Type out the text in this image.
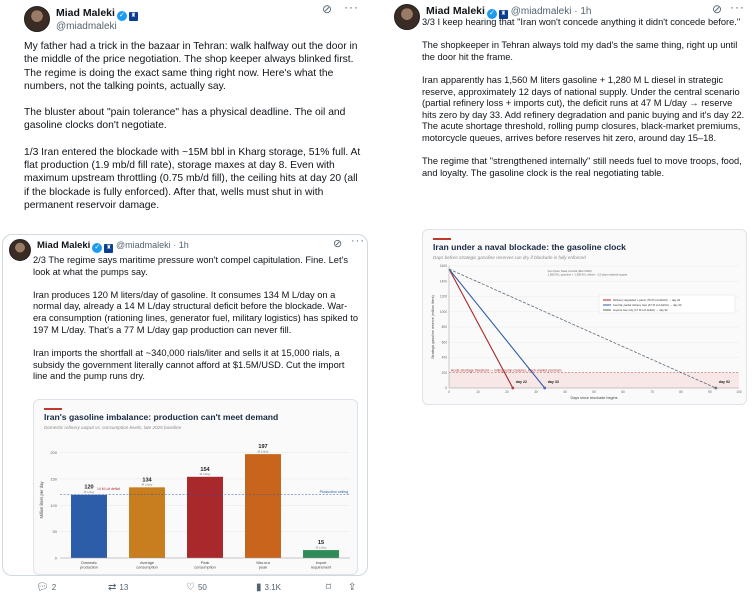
Miad Maleki ✓ ♜
@miadmaleki
⊘ ···

My father had a trick in the bazaar in Tehran: walk halfway out the door in the middle of the price negotiation. The shop keeper always blinked first. The regime is doing the exact same thing right now. Here's what the numbers, not the talking points, actually say.

The bluster about "pain tolerance" has a physical deadline. The oil and gasoline clocks don't negotiate.

1/3 Iran entered the blockade with ~15M bbl in Kharg storage, 51% full. At flat production (1.9 mb/d fill rate), storage maxes at day 8. Even with maximum upstream throttling (0.75 mb/d fill), the ceiling hits at day 20 (all if the blockade is fully enforced). After that, wells must shut in with permanent reservoir damage.

Miad Maleki ✓ ♜ @miadmaleki · 1h	⊘ ···

2/3 The regime says maritime pressure won't compel capitulation. Fine. Let's look at what the pumps say.

Iran produces 120 M liters/day of gasoline. It consumes 134 M L/day on a normal day, already a 14 M L/day structural deficit before the blockade. War-era consumption (rationing lines, generator fuel, military logistics) has spiked to 197 M L/day. That's a 77 M L/day gap production can never fill.

Iran imports the shortfall at ~340,000 rials/liter and sells it at 15,000 rials, a subsidy the government literally cannot afford at $1.5M/USD. Cut the import line and the pump runs dry.

Iran's gasoline imbalance: production can't meet demand
Domestic refinery output vs. consumption levels, late 2025 baseline
0
50
100
150
200
Million liters per day	120
M L/day
Domestic
production
134
M L/day
Average
consumption
154
M L/day
Peak
consumption
197
M L/day
War-era
peak
15
M L/day
Import
requirement
Production ceiling
14 M L/d deficit
💬︎ 2	⇄ 13	♡ 50	▮ 3.1K	⌑ ⇪
Miad Maleki ✓ ♜ @miadmaleki · 1h	⊘ ···

3/3 I keep hearing that "Iran won't concede anything it didn't concede before."

The shopkeeper in Tehran always told my dad's the same thing, right up until the door hit the frame.

Iran apparently has 1,560 M liters gasoline + 1,280 M L diesel in strategic reserve, approximately 12 days of national supply. Under the central scenario (partial refinery loss + imports cut), the deficit runs at 47 M L/day → reserve hits zero by day 33. Add refinery degradation and panic buying and it's day 22. The acute shortage threshold, rolling pump closures, black-market premiums, motorcycle queues, arrives before reserves hit zero, around day 15–18.

The regime that "strengthened internally" still needs fuel to move troops, food, and loyalty. The gasoline clock is the real negotiating table.

Iran under a naval blockade: the gasoline clock
Days before strategic gasoline reserves run dry if blockade is fully enforced
0
200
400
600
800
1000
1200
1400
1600
0	10	20	30	40	50	60	70	80	90	100
Days since blockade begins
Strategic gasoline reserve (million liters)
Acute shortage threshold — rolling pump closures, black-market premium
day 22	day 33	day 92
Refinery degraded + panic (70 M L/d deficit) → day 22
Central: partial refinery loss (47 M L/d deficit) → day 33
Imports lost only (17 M L/d deficit) → day 92
Iran Open State Central (Mar 2026):
1,560 M L gasoline + 1,280 M L diesel, ~12 days national supply
